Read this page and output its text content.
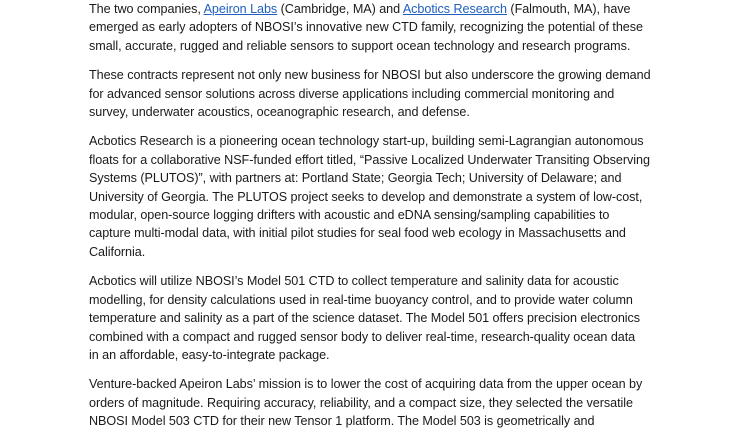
The two companies, Apeiron Labs (Cambridge, MA) and Acbotics Research (Falmouth, MA), have
emerged as early adopters of NBOSI’s innovative new CTD family, recognizing the potential of these
small, accurate, rugged and reliable sensors to support ocean technology and research programs.

These contracts represent not only new business for NBOSI but also underscore the growing demand
for advanced sensor solutions across diverse applications including commercial monitoring and
survey, underwater acoustics, oceanographic research, and defense.

Acbotics Research is a pioneering ocean technology start-up, building semi-Lagrangian autonomous
floats for a collaborative NSF-funded effort titled, “Passive Localized Underwater Transiting Observing
Systems (PLUTOS)”, with partners at: Portland State; Georgia Tech; University of Delaware; and
University of Georgia. The PLUTOS project seeks to develop and demonstrate a system of low-cost,
modular, open-source logging drifters with acoustic and eDNA sensing/sampling capabilities to
capture multi-modal data, with initial pilot studies for seal food web ecology in Massachusetts and
California.

Acbotics will utilize NBOSI’s Model 501 CTD to collect temperature and salinity data for acoustic
modelling, for density calculations used in real-time buoyancy control, and to provide water column
temperature and salinity as a part of the science dataset. The Model 501 offers precision electronics
combined with a compact and rugged sensor body to deliver real-time, research-quality ocean data
in an affordable, easy-to-integrate package.

Venture-backed Apeiron Labs’ mission is to lower the cost of acquiring data from the upper ocean by
orders of magnitude. Requiring accuracy, reliability, and a compact size, they selected the versatile
NBOSI Model 503 CTD for their new Tensor 1 platform. The Model 503 is geometrically and
